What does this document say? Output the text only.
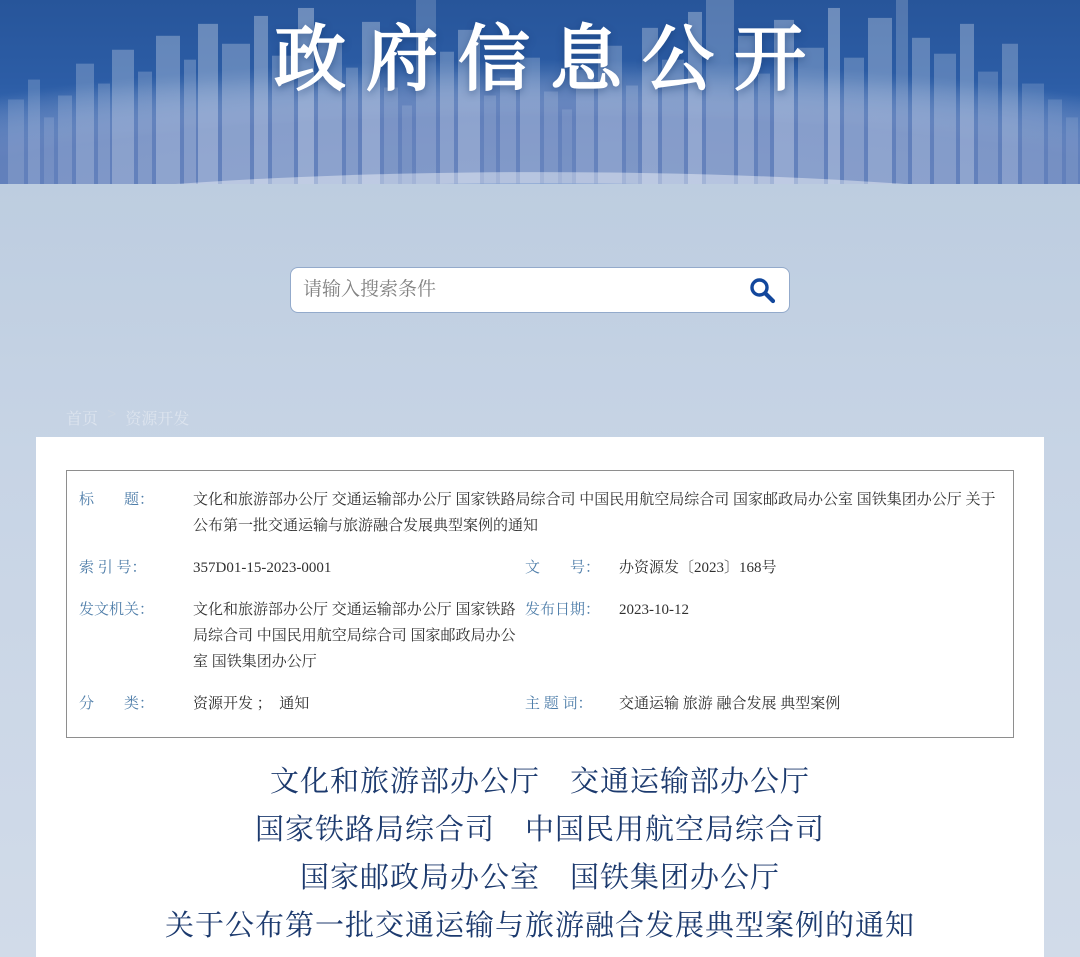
政府信息公开
请输入搜索条件
首页 > 资源开发
标　　题：	文化和旅游部办公厅 交通运输部办公厅 国家铁路局综合司 中国民用航空局综合司 国家邮政局办公室 国铁集团办公厅 关于公布第一批交通运输与旅游融合发展典型案例的通知
索 引 号：	357D01-15-2023-0001	文　　号：	办资源发〔2023〕168号
发文机关：	文化和旅游部办公厅 交通运输部办公厅 国家铁路局综合司 中国民用航空局综合司 国家邮政局办公室 国铁集团办公厅
发布日期：	2023-10-12
分　　类：	资源开发 ；  通知	主 题 词：	交通运输 旅游 融合发展 典型案例
文化和旅游部办公厅　交通运输部办公厅
国家铁路局综合司　中国民用航空局综合司
国家邮政局办公室　国铁集团办公厅
关于公布第一批交通运输与旅游融合发展典型案例的通知
